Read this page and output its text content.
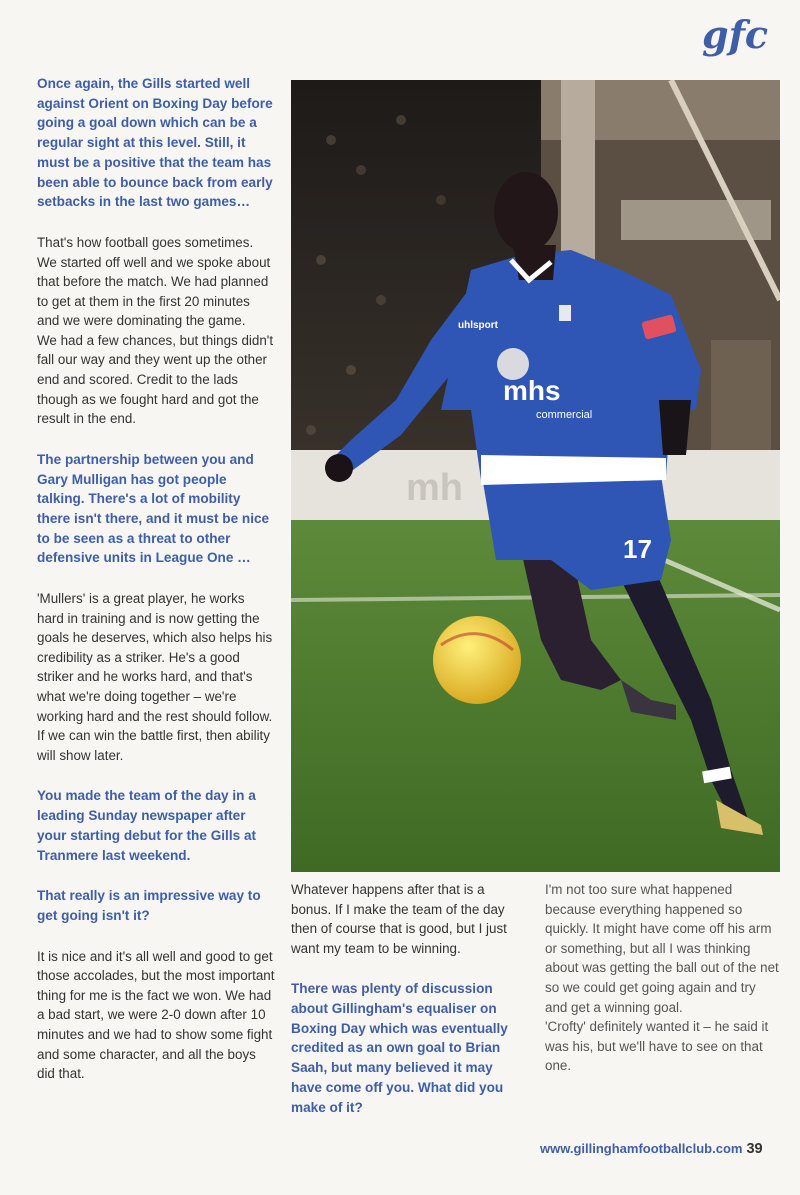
gfc

Once again, the Gills started well against Orient on Boxing Day before going a goal down which can be a regular sight at this level. Still, it must be a positive that the team has been able to bounce back from early setbacks in the last two games…

That's how football goes sometimes. We started off well and we spoke about that before the match. We had planned to get at them in the first 20 minutes and we were dominating the game.

We had a few chances, but things didn't fall our way and they went up the other end and scored. Credit to the lads though as we fought hard and got the result in the end.

The partnership between you and Gary Mulligan has got people talking. There's a lot of mobility there isn't there, and it must be nice to be seen as a threat to other defensive units in League One …

'Mullers' is a great player, he works hard in training and is now getting the goals he deserves, which also helps his credibility as a striker. He's a good striker and he works hard, and that's what we're doing together – we're working hard and the rest should follow. If we can win the battle first, then ability will show later.

You made the team of the day in a leading Sunday newspaper after your starting debut for the Gills at Tranmere last weekend.

That really is an impressive way to get going isn't it?

It is nice and it's all well and good to get those accolades, but the most important thing for me is the fact we won. We had a bad start, we were 2-0 down after 10 minutes and we had to show some fight and some character, and all the boys did that.

mh
17
uhlsport
mhs
commercial

Whatever happens after that is a bonus. If I make the team of the day then of course that is good, but I just want my team to be winning.

There was plenty of discussion about Gillingham's equaliser on Boxing Day which was eventually credited as an own goal to Brian Saah, but many believed it may have come off you. What did you make of it?

I'm not too sure what happened because everything happened so quickly. It might have come off his arm or something, but all I was thinking about was getting the ball out of the net so we could get going again and try and get a winning goal.

'Crofty' definitely wanted it – he said it was his, but we'll have to see on that one.

www.gillinghamfootballclub.com 39
